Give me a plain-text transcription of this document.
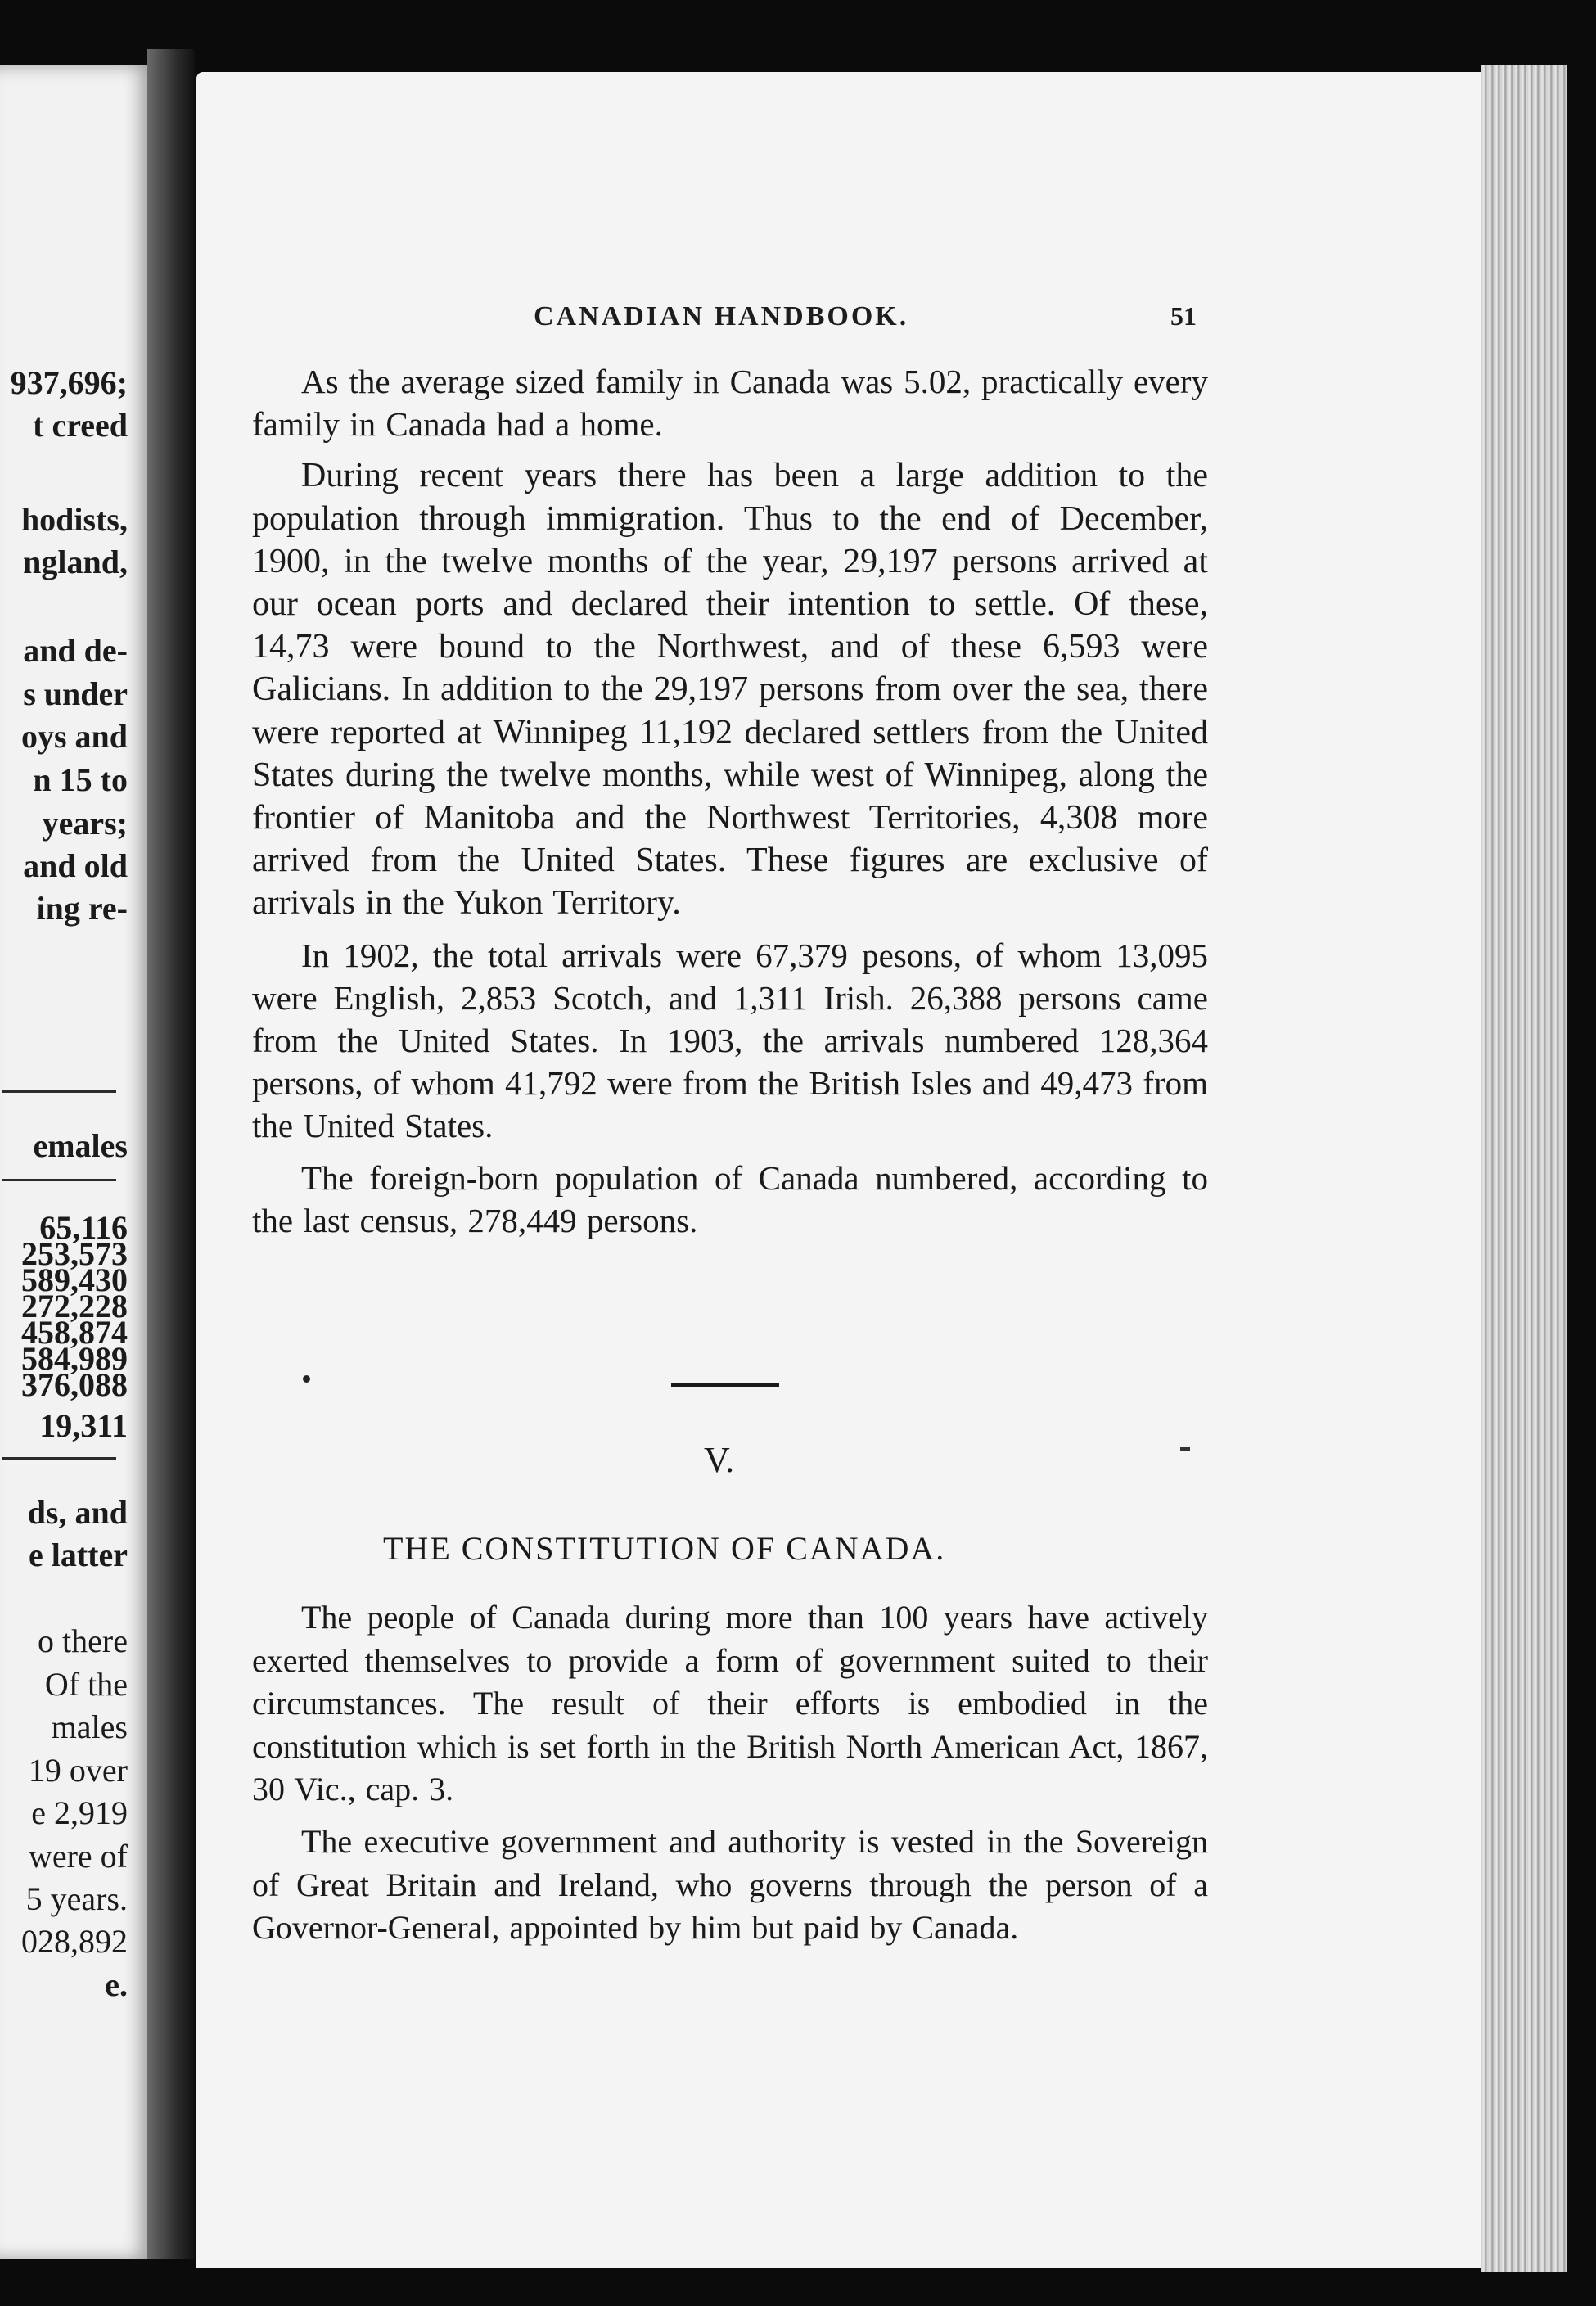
937,696;
t creed
hodists,
ngland,
and de-
s under
oys and
n 15 to
years;
and old
ing re-
emales
65,116
253,573
589,430
272,228
458,874
584,989
376,088
19,311
ds, and
e latter
o there
Of the
males
19 over
e 2,919
were of
5 years.
028,892
e.
CANADIAN HANDBOOK.	51

As the average sized family in Canada was 5.02, practically every family in Canada had a home.

During recent years there has been a large addition to the population through immigration. Thus to the end of December, 1900, in the twelve months of the year, 29,197 persons arrived at our ocean ports and declared their intention to settle. Of these, 14,73 were bound to the Northwest, and of these 6,593 were Galicians. In addition to the 29,197 persons from over the sea, there were reported at Winnipeg 11,192 declared settlers from the United States during the twelve months, while west of Winnipeg, along the frontier of Manitoba and the Northwest Territories, 4,308 more arrived from the United States. These figures are exclusive of arrivals in the Yukon Territory.

In 1902, the total arrivals were 67,379 pesons, of whom 13,095 were English, 2,853 Scotch, and 1,311 Irish. 26,388 persons came from the United States. In 1903, the arrivals numbered 128,364 persons, of whom 41,792 were from the British Isles and 49,473 from the United States.

The foreign-born population of Canada numbered, according to the last census, 278,449 persons.

V.
THE CONSTITUTION OF CANADA.

The people of Canada during more than 100 years have actively exerted themselves to provide a form of government suited to their circumstances. The result of their efforts is embodied in the constitution which is set forth in the British North American Act, 1867, 30 Vic., cap. 3.

The executive government and authority is vested in the Sovereign of Great Britain and Ireland, who governs through the person of a Governor-General, appointed by him but paid by Canada.
